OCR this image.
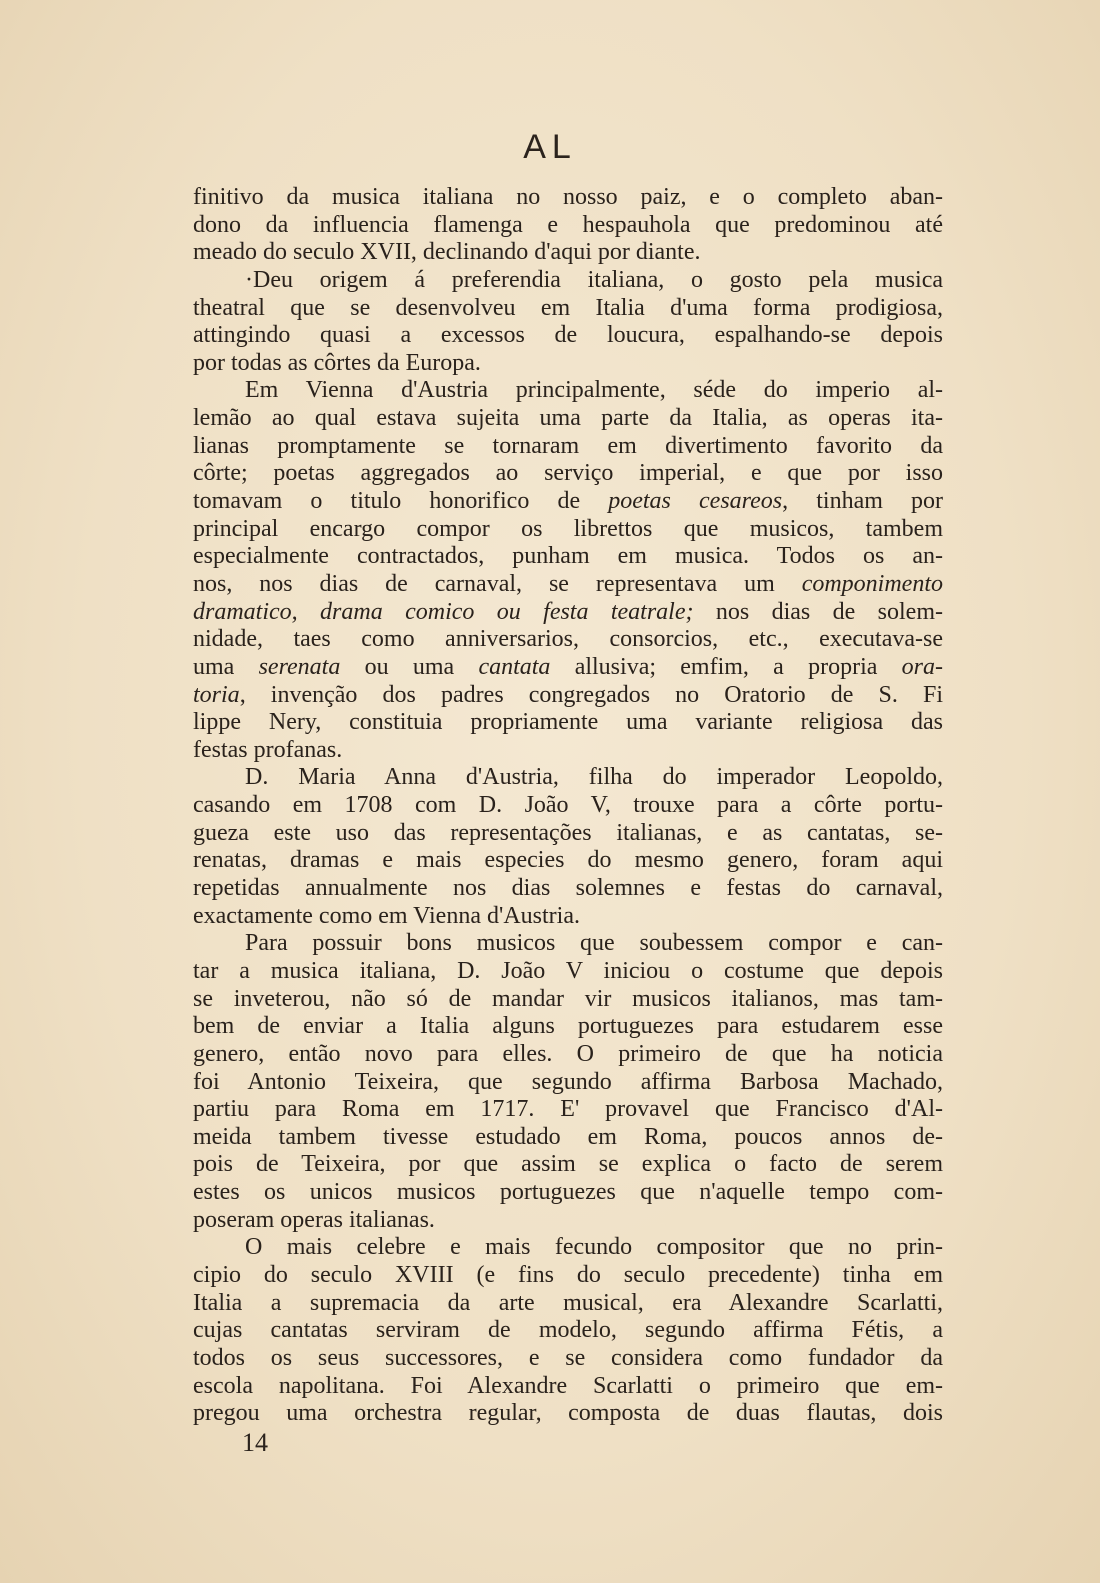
AL
finitivo da musica italiana no nosso paiz, e o completo aban-
dono da influencia flamenga e hespauhola que predominou até
meado do seculo XVII, declinando d'aqui por diante.
·Deu origem á preferendia italiana, o gosto pela musica
theatral que se desenvolveu em Italia d'uma forma prodigiosa,
attingindo quasi a excessos de loucura, espalhando-se depois
por todas as côrtes da Europa.
Em Vienna d'Austria principalmente, séde do imperio al-
lemão ao qual estava sujeita uma parte da Italia, as operas ita-
lianas promptamente se tornaram em divertimento favorito da
côrte; poetas aggregados ao serviço imperial, e que por isso
tomavam o titulo honorifico de poetas cesareos, tinham por
principal encargo compor os librettos que musicos, tambem
especialmente contractados, punham em musica. Todos os an-
nos, nos dias de carnaval, se representava um componimento
dramatico, drama comico ou festa teatrale; nos dias de solem-
nidade, taes como anniversarios, consorcios, etc., executava-se
uma serenata ou uma cantata allusiva; emfim, a propria ora-
toria, invenção dos padres congregados no Oratorio de S. Fi
lippe Nery, constituia propriamente uma variante religiosa das
festas profanas.
D. Maria Anna d'Austria, filha do imperador Leopoldo,
casando em 1708 com D. João V, trouxe para a côrte portu-
gueza este uso das representações italianas, e as cantatas, se-
renatas, dramas e mais especies do mesmo genero, foram aqui
repetidas annualmente nos dias solemnes e festas do carnaval,
exactamente como em Vienna d'Austria.
Para possuir bons musicos que soubessem compor e can-
tar a musica italiana, D. João V iniciou o costume que depois
se inveterou, não só de mandar vir musicos italianos, mas tam-
bem de enviar a Italia alguns portuguezes para estudarem esse
genero, então novo para elles. O primeiro de que ha noticia
foi Antonio Teixeira, que segundo affirma Barbosa Machado,
partiu para Roma em 1717. E' provavel que Francisco d'Al-
meida tambem tivesse estudado em Roma, poucos annos de-
pois de Teixeira, por que assim se explica o facto de serem
estes os unicos musicos portuguezes que n'aquelle tempo com-
poseram operas italianas.
O mais celebre e mais fecundo compositor que no prin-
cipio do seculo XVIII (e fins do seculo precedente) tinha em
Italia a supremacia da arte musical, era Alexandre Scarlatti,
cujas cantatas serviram de modelo, segundo affirma Fétis, a
todos os seus successores, e se considera como fundador da
escola napolitana. Foi Alexandre Scarlatti o primeiro que em-
pregou uma orchestra regular, composta de duas flautas, dois
14
